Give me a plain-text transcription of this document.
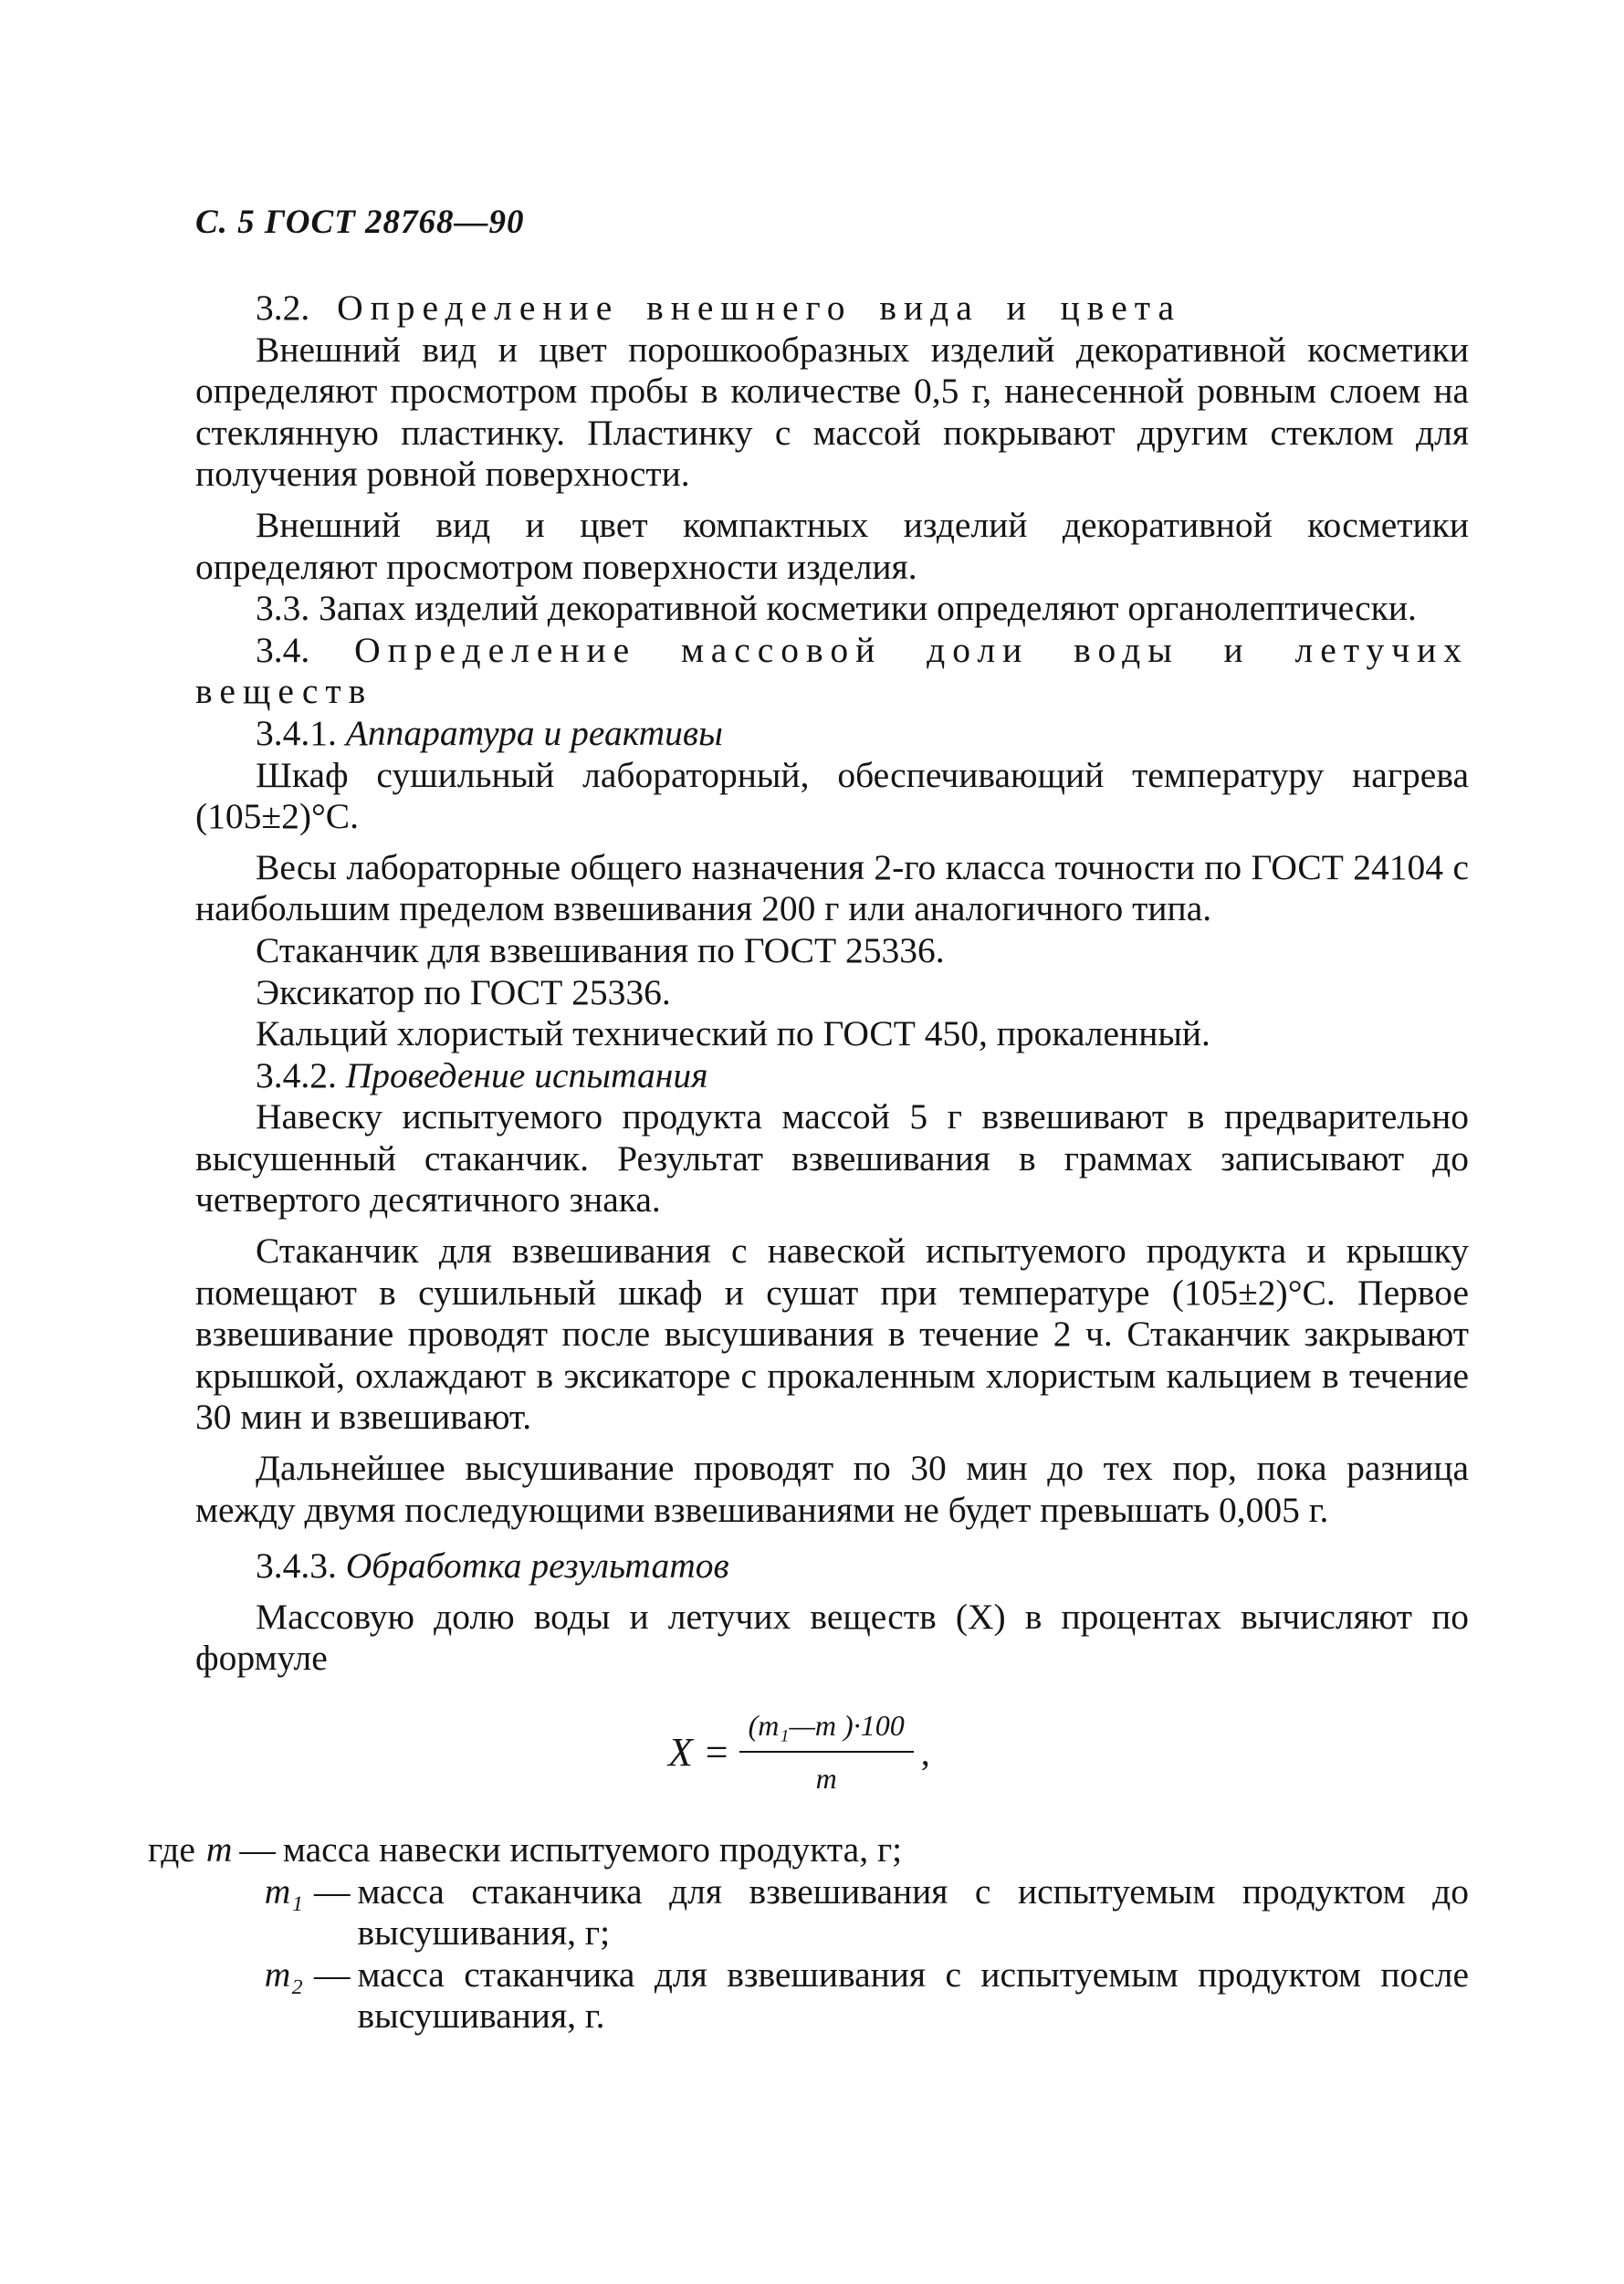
С. 5 ГОСТ 28768—90

3.2. Определение внешнего вида и цвета

Внешний вид и цвет порошкообразных изделий декоративной косметики определяют просмотром пробы в количестве 0,5 г, нанесенной ровным слоем на стеклянную пластинку. Пластинку с массой покрывают другим стеклом для получения ровной поверхности.

Внешний вид и цвет компактных изделий декоративной косметики определяют просмотром поверхности изделия.

3.3. Запах изделий декоративной косметики определяют органолептически.

3.4. Определение массовой доли воды и летучих веществ

3.4.1. Аппаратура и реактивы

Шкаф сушильный лабораторный, обеспечивающий температуру нагрева (105±2)°С.

Весы лабораторные общего назначения 2-го класса точности по ГОСТ 24104 с наибольшим пределом взвешивания 200 г или аналогичного типа.

Стаканчик для взвешивания по ГОСТ 25336.

Эксикатор по ГОСТ 25336.

Кальций хлористый технический по ГОСТ 450, прокаленный.

3.4.2. Проведение испытания

Навеску испытуемого продукта массой 5 г взвешивают в предварительно высушенный стаканчик. Результат взвешивания в граммах записывают до четвертого десятичного знака.

Стаканчик для взвешивания с навеской испытуемого продукта и крышку помещают в сушильный шкаф и сушат при температуре (105±2)°С. Первое взвешивание проводят после высушивания в течение 2 ч. Стаканчик закрывают крышкой, охлаждают в эксикаторе с прокаленным хлористым кальцием в течение 30 мин и взвешивают.

Дальнейшее высушивание проводят по 30 мин до тех пор, пока разница между двумя последующими взвешиваниями не будет превышать 0,005 г.

3.4.3. Обработка результатов

Массовую долю воды и летучих веществ (X) в процентах вычисляют по формуле

$X = \frac{\text{(m₁—m )·100}}{m}$ ,
где m — масса навески испытуемого продукта, г;
m₁ — масса стаканчика для взвешивания с испытуемым продуктом до высушивания, г;
m₂ — масса стаканчика для взвешивания с испытуемым продуктом после высушивания, г.
